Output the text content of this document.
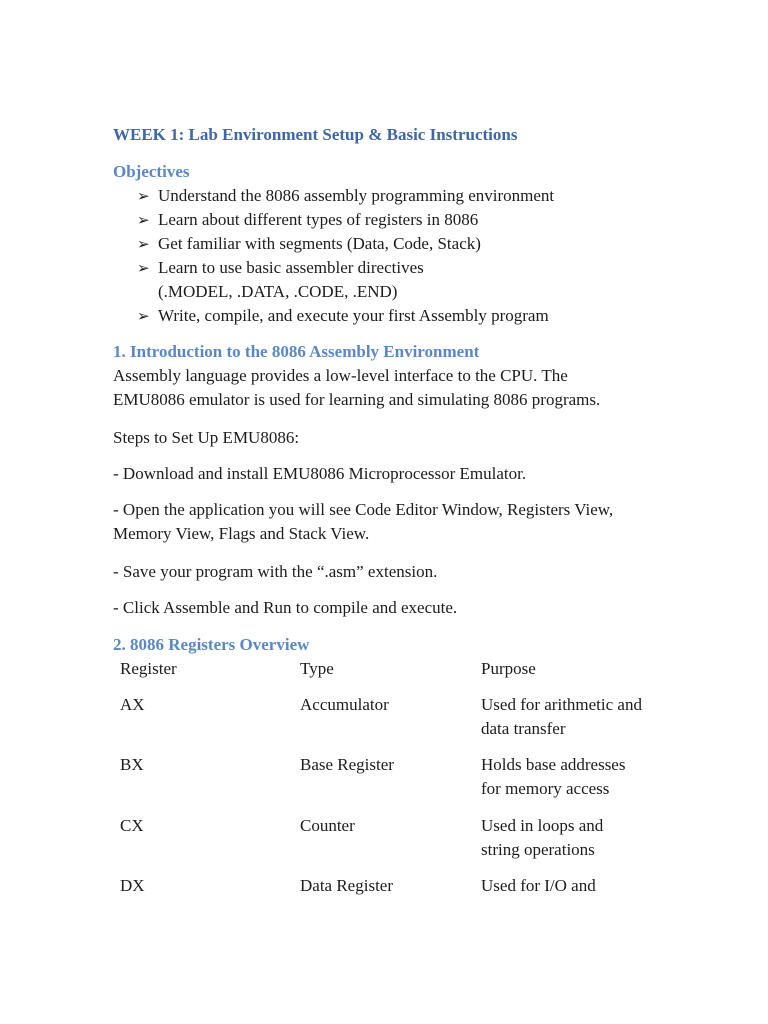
WEEK 1: Lab Environment Setup & Basic Instructions
Objectives
➢ Understand the 8086 assembly programming environment
➢ Learn about different types of registers in 8086
➢ Get familiar with segments (Data, Code, Stack)
➢ Learn to use basic assembler directives
(.MODEL, .DATA, .CODE, .END)
➢ Write, compile, and execute your first Assembly program
1. Introduction to the 8086 Assembly Environment
Assembly language provides a low-level interface to the CPU. The
EMU8086 emulator is used for learning and simulating 8086 programs.
Steps to Set Up EMU8086:
- Download and install EMU8086 Microprocessor Emulator.
- Open the application you will see Code Editor Window, Registers View,
Memory View, Flags and Stack View.
- Save your program with the “.asm” extension.
- Click Assemble and Run to compile and execute.
2. 8086 Registers Overview
Register	Type	Purpose
AX	Accumulator	Used for arithmetic and
data transfer
BX	Base Register	Holds base addresses
for memory access
CX	Counter	Used in loops and
string operations
DX	Data Register	Used for I/O and
